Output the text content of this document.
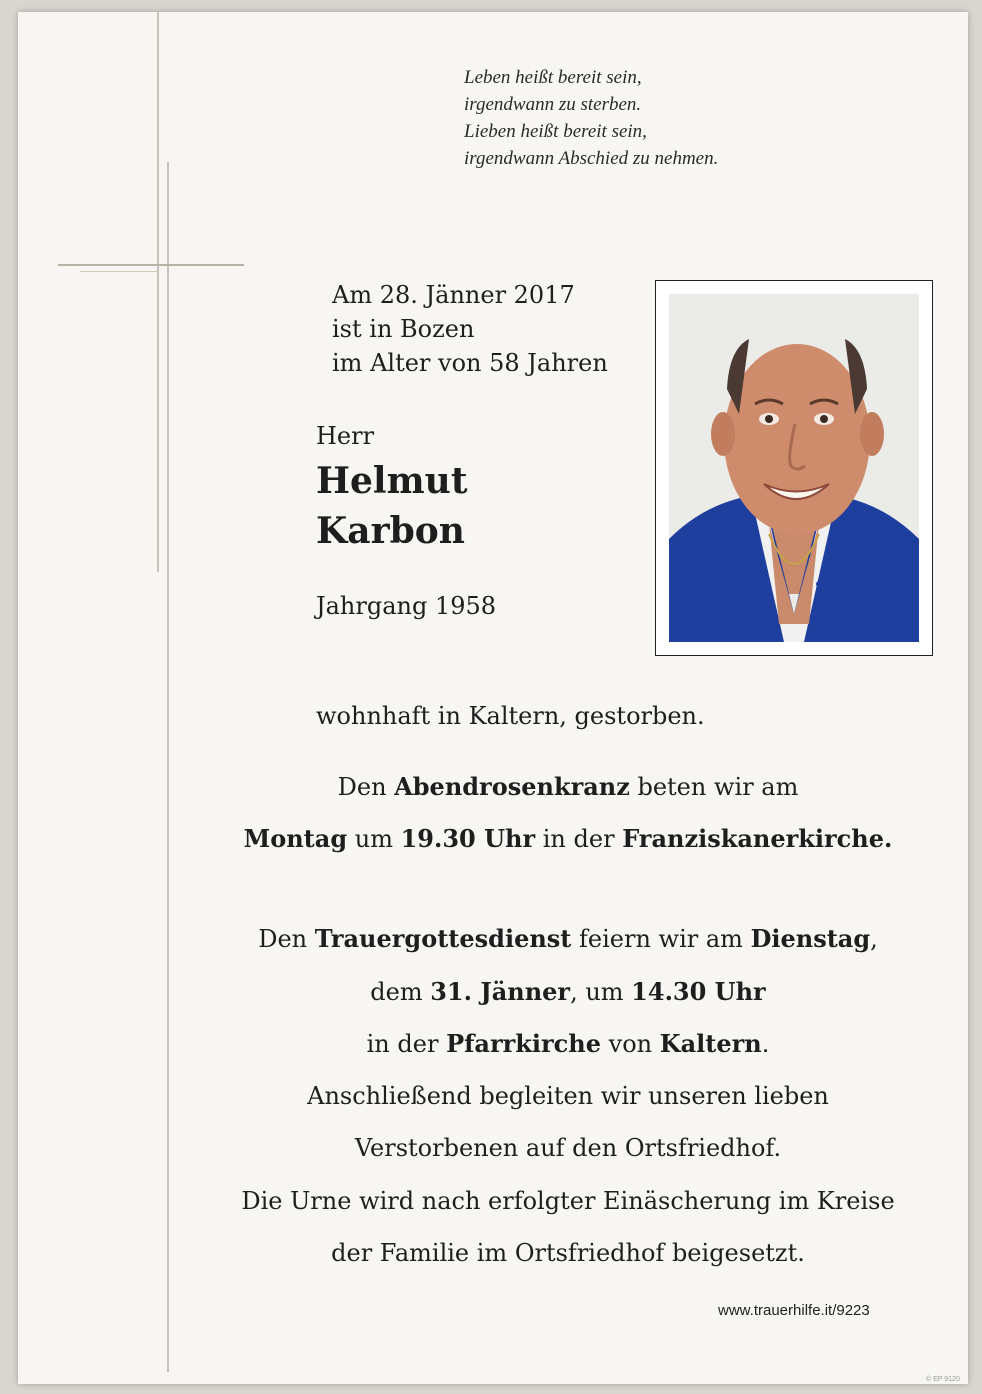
Leben heißt bereit sein,
irgendwann zu sterben.
Lieben heißt bereit sein,
irgendwann Abschied zu nehmen.
Am 28. Jänner 2017
ist in Bozen
im Alter von 58 Jahren
Herr
Helmut
Karbon
Jahrgang 1958
wohnhaft in Kaltern, gestorben.
Den Abendrosenkranz beten wir am
Montag um 19.30 Uhr in der Franziskanerkirche.
Den Trauergottesdienst feiern wir am Dienstag,
dem 31. Jänner, um 14.30 Uhr
in der Pfarrkirche von Kaltern.
Anschließend begleiten wir unseren lieben
Verstorbenen auf den Ortsfriedhof.
Die Urne wird nach erfolgter Einäscherung im Kreise
der Familie im Ortsfriedhof beigesetzt.
www.trauerhilfe.it/9223
© EP 9120
